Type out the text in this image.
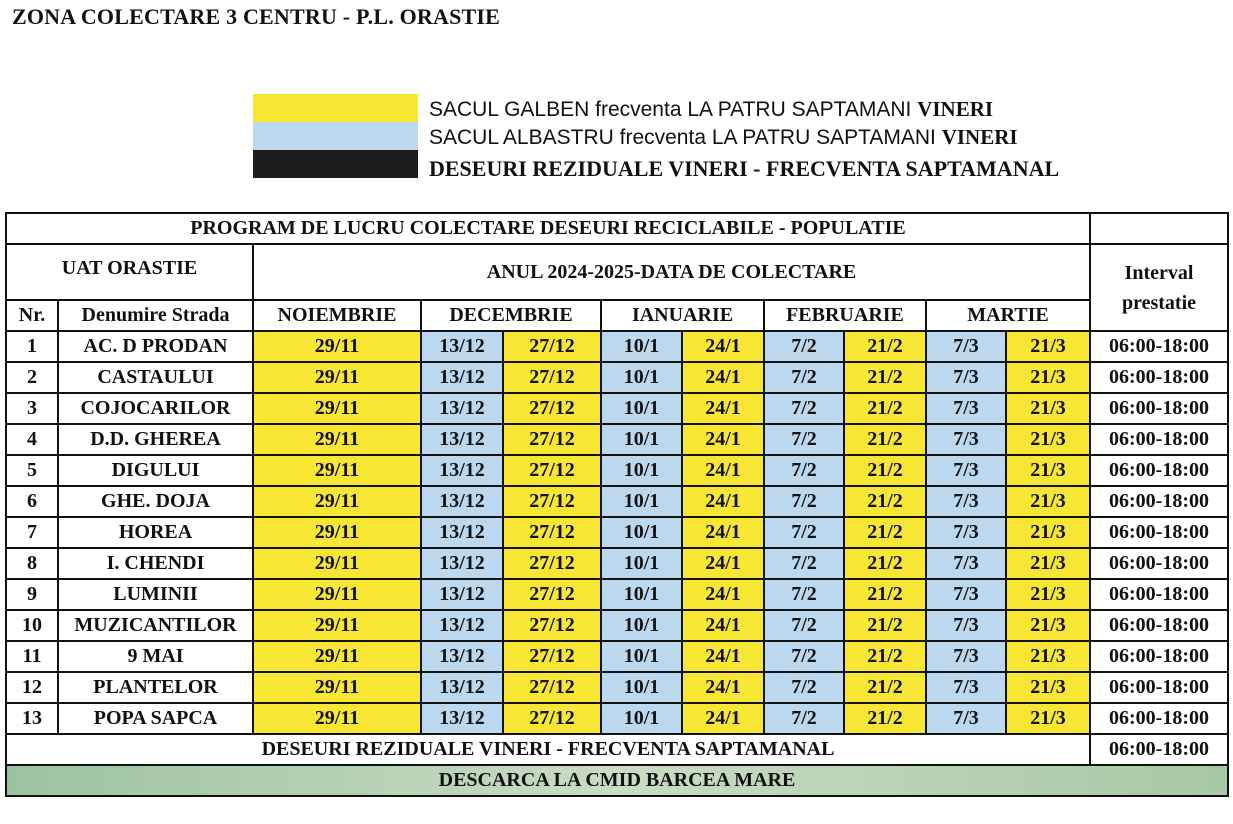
ZONA COLECTARE 3 CENTRU - P.L. ORASTIE
SACUL GALBEN frecventa LA PATRU SAPTAMANI VINERI
SACUL ALBASTRU frecventa LA PATRU SAPTAMANI VINERI
DESEURI REZIDUALE VINERI - FRECVENTA SAPTAMANAL
PROGRAM DE LUCRU COLECTARE DESEURI RECICLABILE - POPULATIE											
UAT ORASTIE		ANUL 2024-2025-DATA DE COLECTARE									Interval prestatie
Nr.	Denumire Strada	NOIEMBRIE	DECEMBRIE		IANUARIE		FEBRUARIE		MARTIE		
1	AC. D PRODAN	29/11	13/12	27/12	10/1	24/1	7/2	21/2	7/3	21/3	06:00-18:00
2	CASTAULUI	29/11	13/12	27/12	10/1	24/1	7/2	21/2	7/3	21/3	06:00-18:00
3	COJOCARILOR	29/11	13/12	27/12	10/1	24/1	7/2	21/2	7/3	21/3	06:00-18:00
4	D.D. GHEREA	29/11	13/12	27/12	10/1	24/1	7/2	21/2	7/3	21/3	06:00-18:00
5	DIGULUI	29/11	13/12	27/12	10/1	24/1	7/2	21/2	7/3	21/3	06:00-18:00
6	GHE. DOJA	29/11	13/12	27/12	10/1	24/1	7/2	21/2	7/3	21/3	06:00-18:00
7	HOREA	29/11	13/12	27/12	10/1	24/1	7/2	21/2	7/3	21/3	06:00-18:00
8	I. CHENDI	29/11	13/12	27/12	10/1	24/1	7/2	21/2	7/3	21/3	06:00-18:00
9	LUMINII	29/11	13/12	27/12	10/1	24/1	7/2	21/2	7/3	21/3	06:00-18:00
10	MUZICANTILOR	29/11	13/12	27/12	10/1	24/1	7/2	21/2	7/3	21/3	06:00-18:00
11	9 MAI	29/11	13/12	27/12	10/1	24/1	7/2	21/2	7/3	21/3	06:00-18:00
12	PLANTELOR	29/11	13/12	27/12	10/1	24/1	7/2	21/2	7/3	21/3	06:00-18:00
13	POPA SAPCA	29/11	13/12	27/12	10/1	24/1	7/2	21/2	7/3	21/3	06:00-18:00
DESEURI REZIDUALE VINERI - FRECVENTA SAPTAMANAL											06:00-18:00
DESCARCA LA CMID BARCEA MARE											
